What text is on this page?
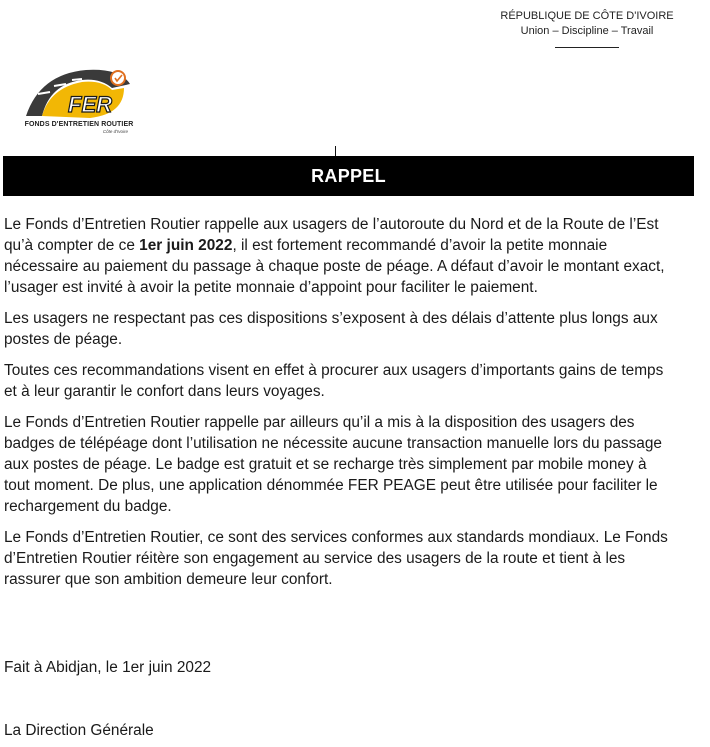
RÉPUBLIQUE DE CÔTE D'IVOIRE
Union – Discipline – Travail
FER
FONDS D'ENTRETIEN ROUTIER
Côte d'Ivoire
RAPPEL

Le Fonds d’Entretien Routier rappelle aux usagers de l’autoroute du Nord et de la Route de l’Est qu’à compter de ce 1er juin 2022, il est fortement recommandé d’avoir la petite monnaie nécessaire au paiement du passage à chaque poste de péage. A défaut d’avoir le montant exact, l’usager est invité à avoir la petite monnaie d’appoint pour faciliter le paiement.

Les usagers ne respectant pas ces dispositions s’exposent à des délais d’attente plus longs aux postes de péage.

Toutes ces recommandations visent en effet à procurer aux usagers d’importants gains de temps et à leur garantir le confort dans leurs voyages.

Le Fonds d’Entretien Routier rappelle par ailleurs qu’il a mis à la disposition des usagers des badges de télépéage dont l’utilisation ne nécessite aucune transaction manuelle lors du passage aux postes de péage. Le badge est gratuit et se recharge très simplement par mobile money à tout moment. De plus, une application dénommée FER PEAGE peut être utilisée pour faciliter le rechargement du badge.

Le Fonds d’Entretien Routier, ce sont des services conformes aux standards mondiaux. Le Fonds d’Entretien Routier réitère son engagement au service des usagers de la route et tient à les rassurer que son ambition demeure leur confort.

Fait à Abidjan, le 1er juin 2022
La Direction Générale
